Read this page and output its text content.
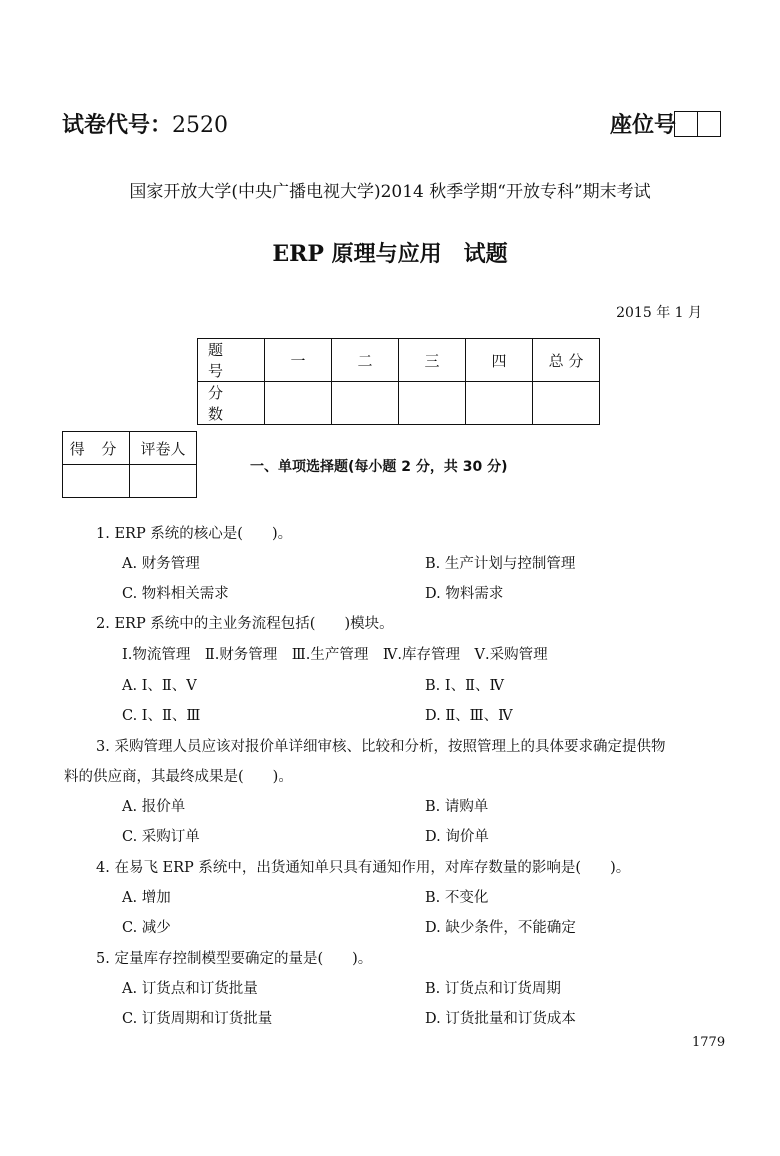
试卷代号：2520	座位号
国家开放大学(中央广播电视大学)2014 秋季学期“开放专科”期末考试
ERP 原理与应用　试题
2015 年 1 月
题 号	一	二	三	四	总 分
分 数					
得 分	评卷人

一、单项选择题(每小题 2 分，共 30 分)
1. ERP 系统的核心是(　　)。
A. 财务管理	B. 生产计划与控制管理
C. 物料相关需求	D. 物料需求
2. ERP 系统中的主业务流程包括(　　)模块。
Ⅰ.物流管理　Ⅱ.财务管理　Ⅲ.生产管理　Ⅳ.库存管理　Ⅴ.采购管理
A. Ⅰ、Ⅱ、Ⅴ	B. Ⅰ、Ⅱ、Ⅳ
C. Ⅰ、Ⅱ、Ⅲ	D. Ⅱ、Ⅲ、Ⅳ
3. 采购管理人员应该对报价单详细审核、比较和分析，按照管理上的具体要求确定提供物
料的供应商，其最终成果是(　　)。
A. 报价单	B. 请购单
C. 采购订单	D. 询价单
4. 在易飞 ERP 系统中，出货通知单只具有通知作用，对库存数量的影响是(　　)。
A. 增加	B. 不变化
C. 减少	D. 缺少条件，不能确定
5. 定量库存控制模型要确定的量是(　　)。
A. 订货点和订货批量	B. 订货点和订货周期
C. 订货周期和订货批量	D. 订货批量和订货成本
1779
